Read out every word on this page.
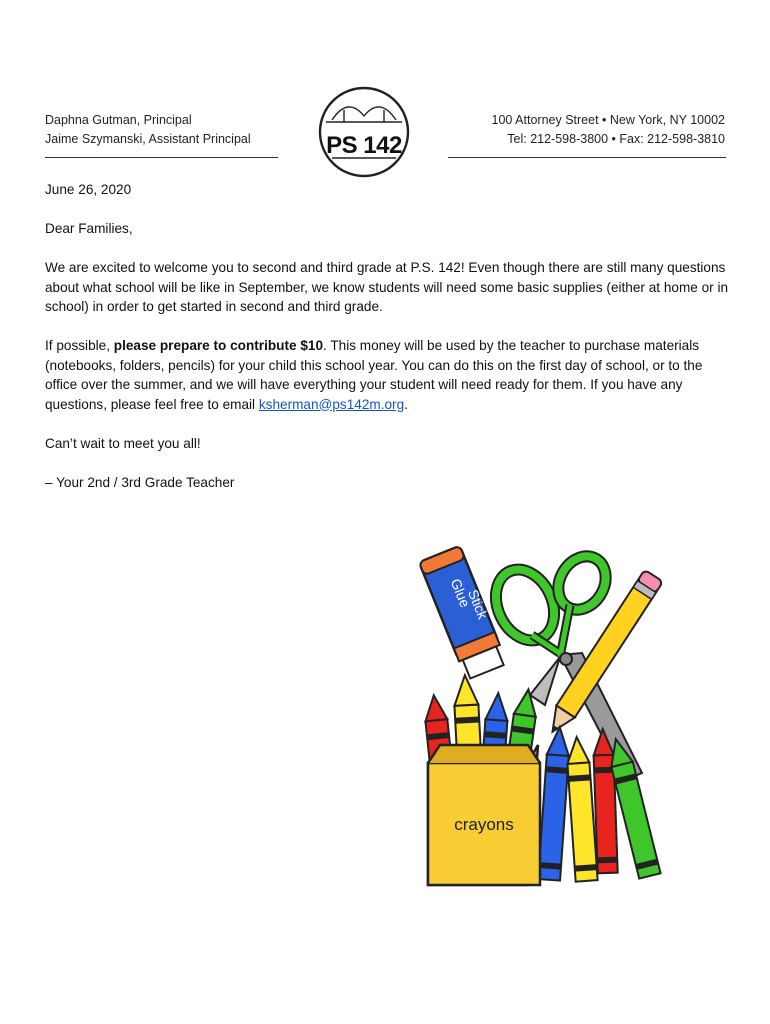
Daphna Gutman, Principal
Jaime Szymanski, Assistant Principal	PS 142
100 Attorney Street • New York, NY 10002
Tel: 212-598-3800 • Fax: 212-598-3810

June 26, 2020

Dear Families,

We are excited to welcome you to second and third grade at P.S. 142! Even though there are still many questions about what school will be like in September, we know students will need some basic supplies (either at home or in school) in order to get started in second and third grade.

If possible, please prepare to contribute $10. This money will be used by the teacher to purchase materials (notebooks, folders, pencils) for your child this school year. You can do this on the first day of school, or to the office over the summer, and we will have everything your student will need ready for them. If you have any questions, please feel free to email ksherman@ps142m.org.

Can’t wait to meet you all!

– Your 2nd / 3rd Grade Teacher

Glue
Stick
crayons
